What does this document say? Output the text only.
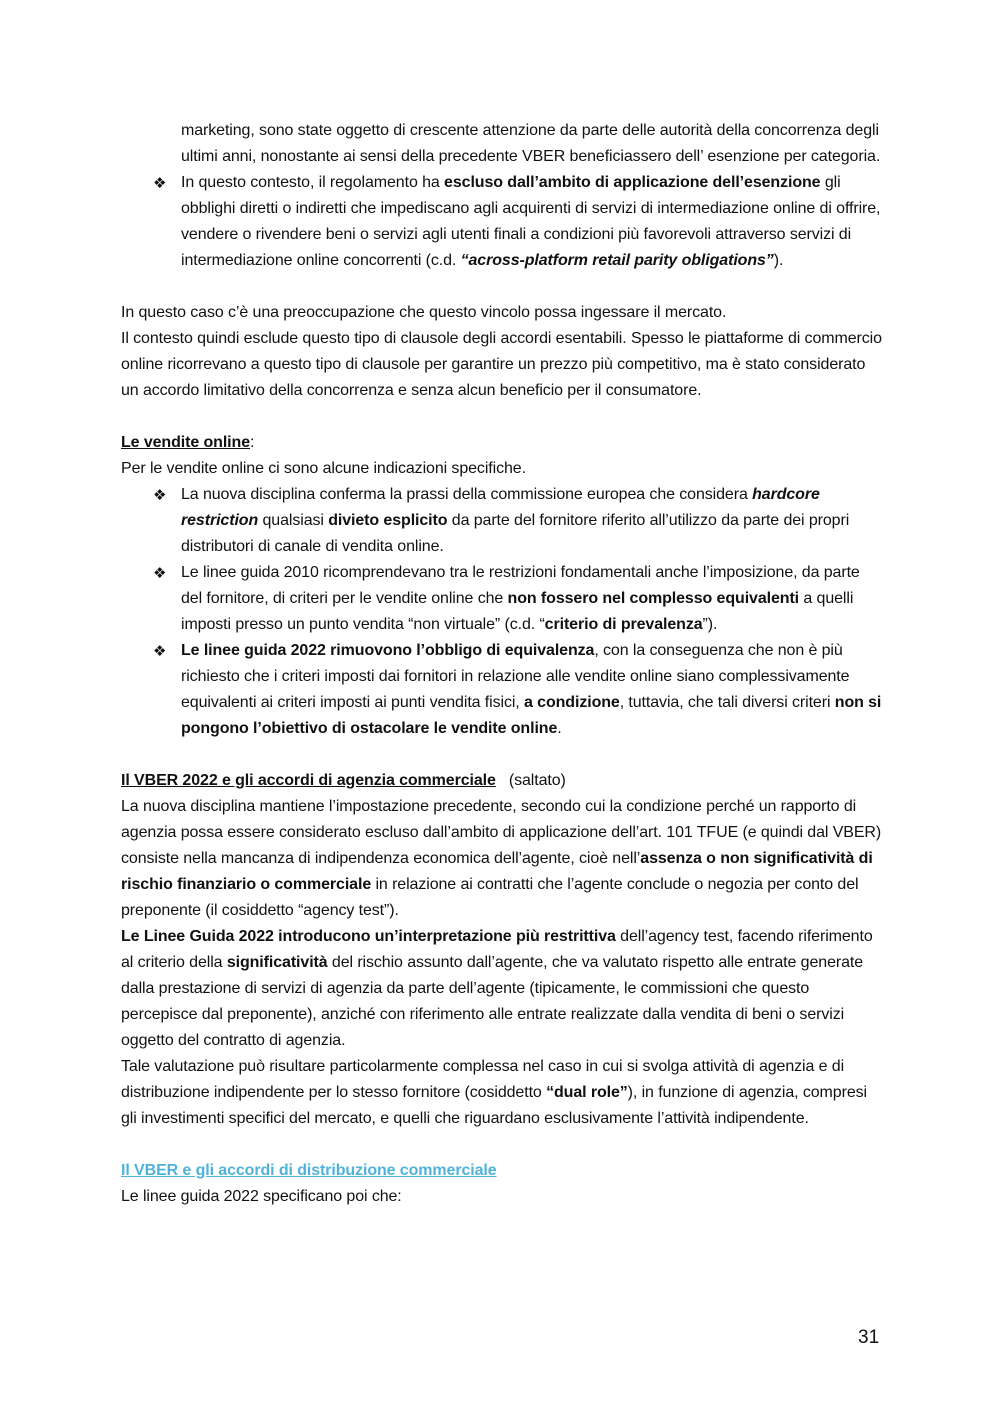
marketing, sono state oggetto di crescente attenzione da parte delle autorità della concorrenza degli ultimi anni, nonostante ai sensi della precedente VBER beneficiassero dell’ esenzione per categoria.

❖ In questo contesto, il regolamento ha escluso dall’ambito di applicazione dell’esenzione gli obblighi diretti o indiretti che impediscano agli acquirenti di servizi di intermediazione online di offrire, vendere o rivendere beni o servizi agli utenti finali a condizioni più favorevoli attraverso servizi di intermediazione online concorrenti (c.d. “across-platform retail parity obligations”).

In questo caso c’è una preoccupazione che questo vincolo possa ingessare il mercato.

Il contesto quindi esclude questo tipo di clausole degli accordi esentabili. Spesso le piattaforme di commercio online ricorrevano a questo tipo di clausole per garantire un prezzo più competitivo, ma è stato considerato un accordo limitativo della concorrenza e senza alcun beneficio per il consumatore.

Le vendite online:

Per le vendite online ci sono alcune indicazioni specifiche.

❖ La nuova disciplina conferma la prassi della commissione europea che considera hardcore restriction qualsiasi divieto esplicito da parte del fornitore riferito all’utilizzo da parte dei propri distributori di canale di vendita online.
❖ Le linee guida 2010 ricomprendevano tra le restrizioni fondamentali anche l’imposizione, da parte del fornitore, di criteri per le vendite online che non fossero nel complesso equivalenti a quelli imposti presso un punto vendita “non virtuale” (c.d. “criterio di prevalenza”).
❖ Le linee guida 2022 rimuovono l’obbligo di equivalenza, con la conseguenza che non è più richiesto che i criteri imposti dai fornitori in relazione alle vendite online siano complessivamente equivalenti ai criteri imposti ai punti vendita fisici, a condizione, tuttavia, che tali diversi criteri non si pongono l’obiettivo di ostacolare le vendite online.

Il VBER 2022 e gli accordi di agenzia commerciale   (saltato)

La nuova disciplina mantiene l’impostazione precedente, secondo cui la condizione perché un rapporto di agenzia possa essere considerato escluso dall’ambito di applicazione dell’art. 101 TFUE (e quindi dal VBER) consiste nella mancanza di indipendenza economica dell’agente, cioè nell’assenza o non significatività di rischio finanziario o commerciale in relazione ai contratti che l’agente conclude o negozia per conto del preponente (il cosiddetto “agency test”).

Le Linee Guida 2022 introducono un’interpretazione più restrittiva dell’agency test, facendo riferimento al criterio della significatività del rischio assunto dall’agente, che va valutato rispetto alle entrate generate dalla prestazione di servizi di agenzia da parte dell’agente (tipicamente, le commissioni che questo percepisce dal preponente), anziché con riferimento alle entrate realizzate dalla vendita di beni o servizi oggetto del contratto di agenzia.

Tale valutazione può risultare particolarmente complessa nel caso in cui si svolga attività di agenzia e di distribuzione indipendente per lo stesso fornitore (cosiddetto “dual role”), in funzione di agenzia, compresi gli investimenti specifici del mercato, e quelli che riguardano esclusivamente l’attività indipendente.

Il VBER e gli accordi di distribuzione commerciale

Le linee guida 2022 specificano poi che:

31
